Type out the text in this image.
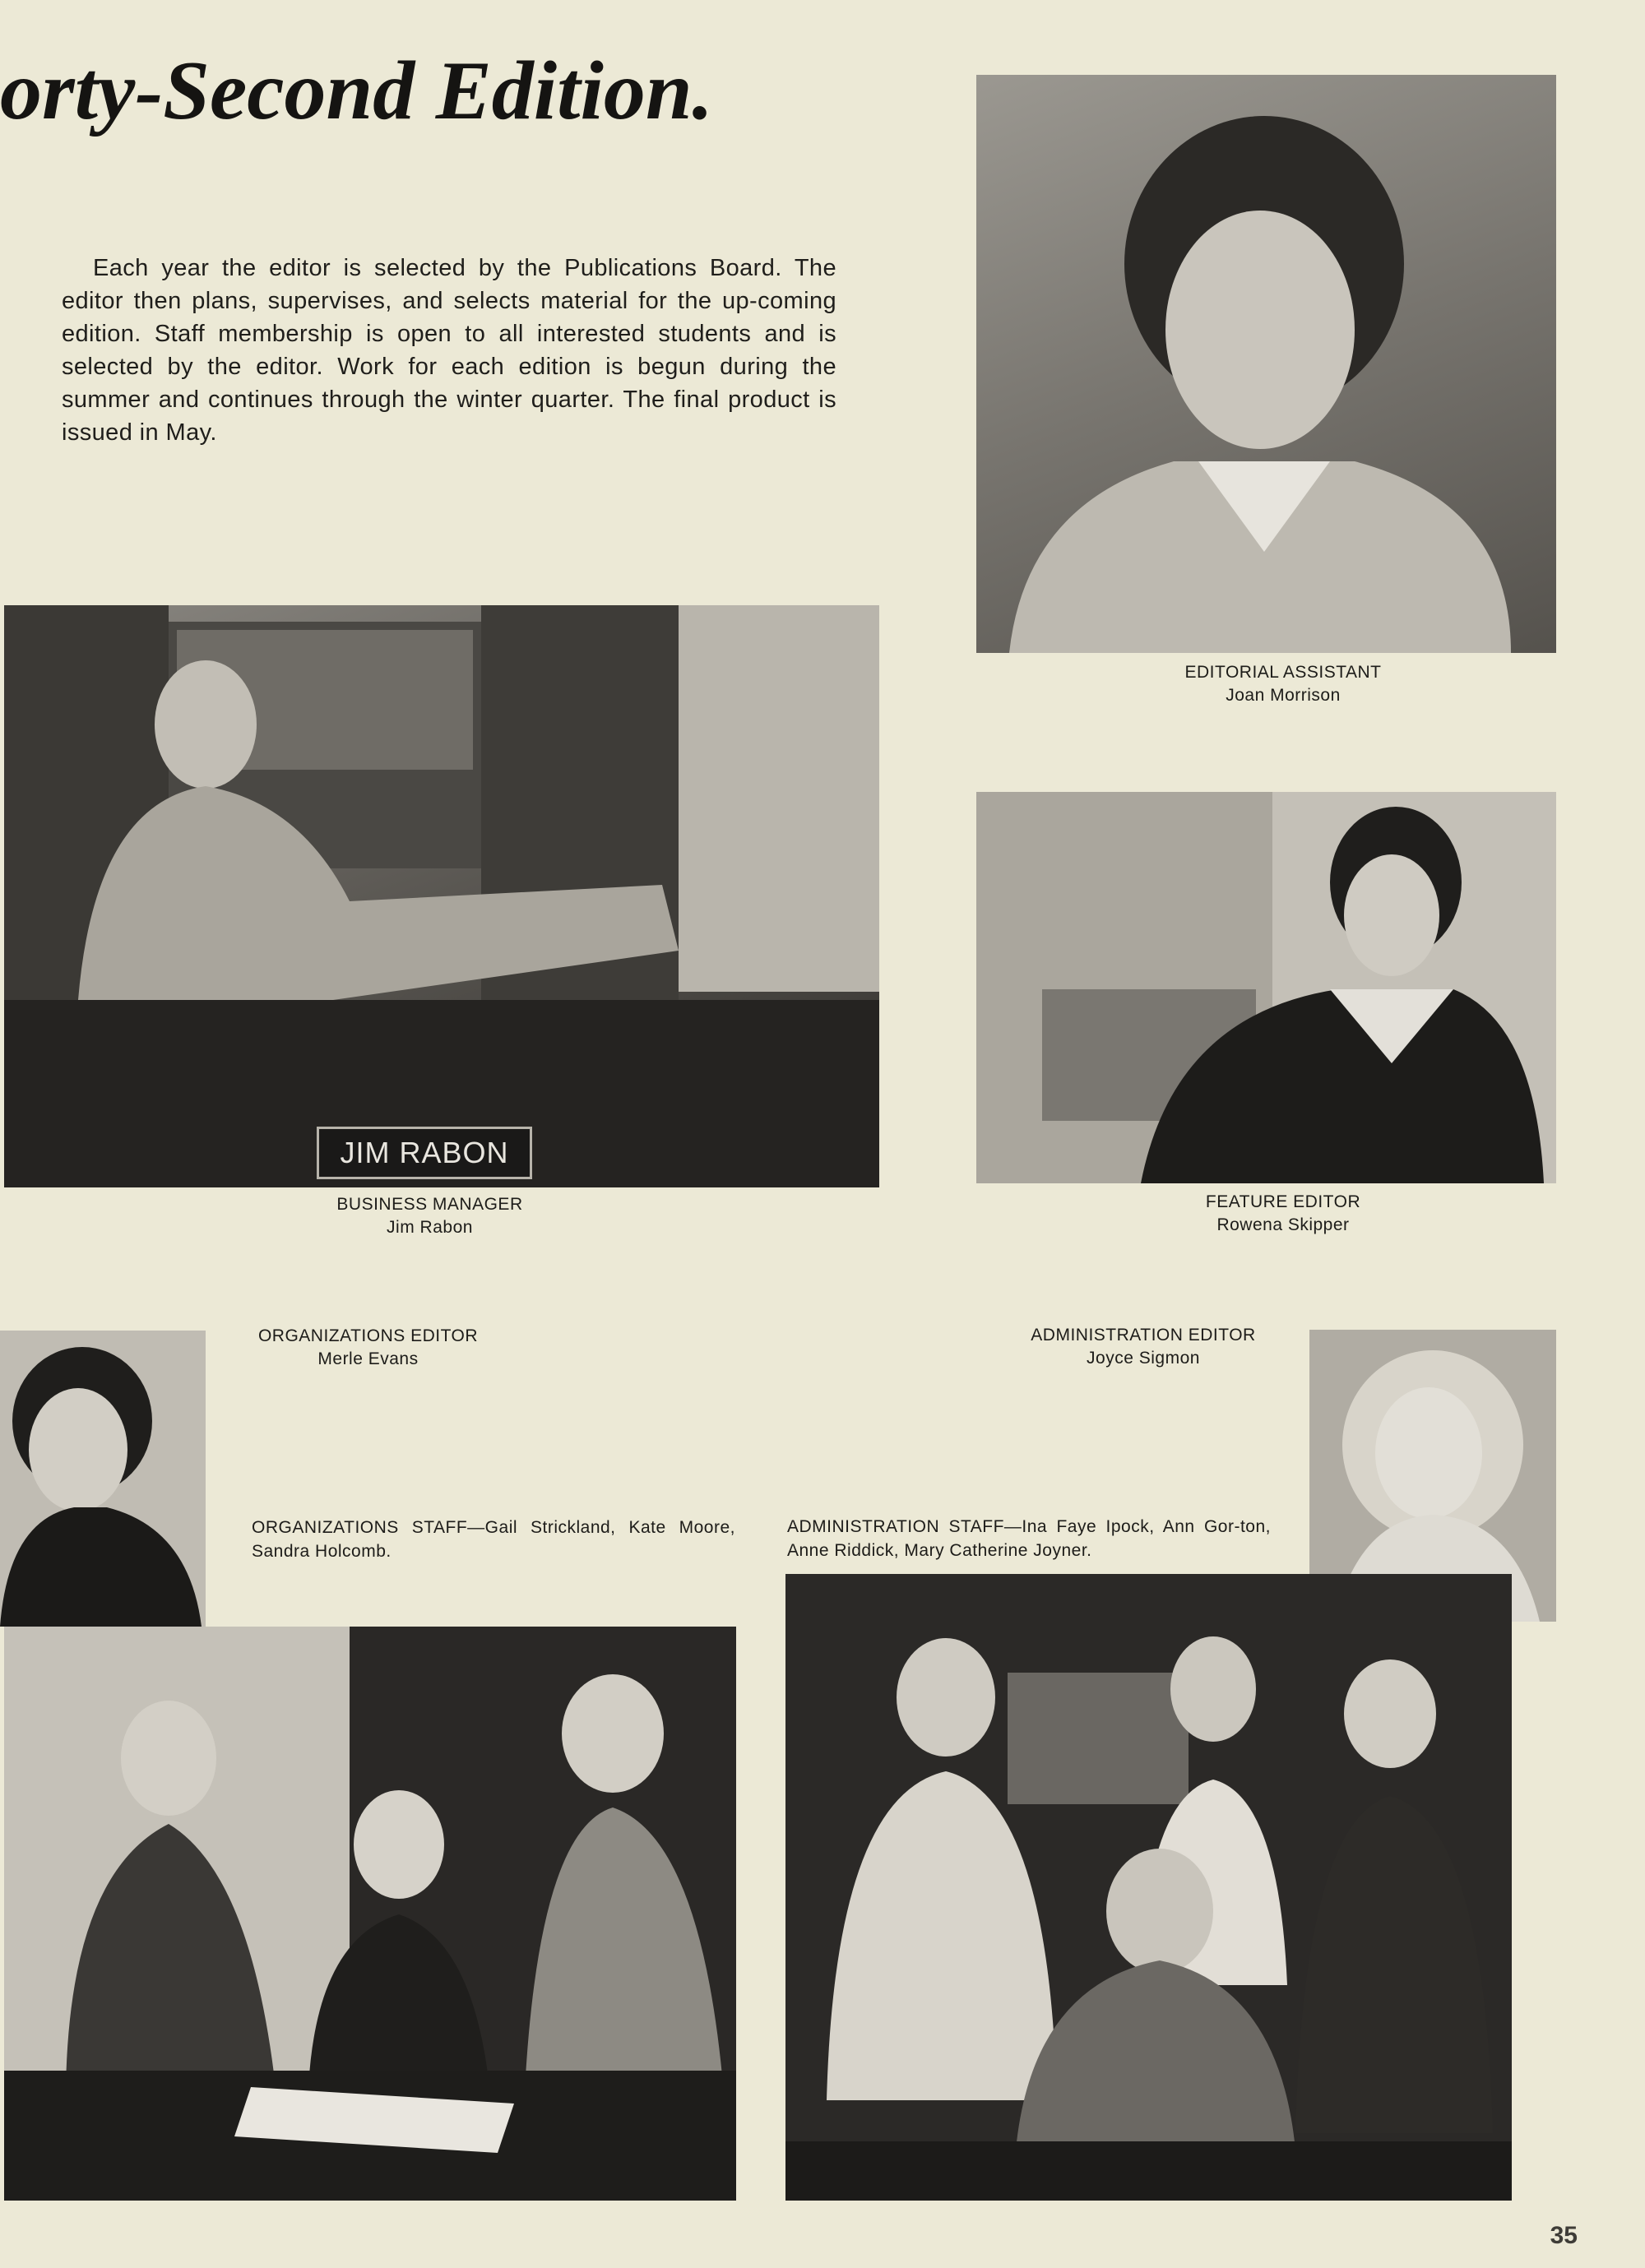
orty-Second Edition.

Each year the editor is selected by the Publications Board. The editor then plans, supervises, and selects material for the up-coming edition. Staff membership is open to all interested students and is selected by the editor. Work for each edition is begun during the summer and continues through the winter quarter. The final product is issued in May.

EDITORIAL ASSISTANT
Joan Morrison
JIM RABON
BUSINESS MANAGER
Jim Rabon
FEATURE EDITOR
Rowena Skipper
ORGANIZATIONS EDITOR
Merle Evans
ADMINISTRATION EDITOR
Joyce Sigmon

ORGANIZATIONS STAFF—Gail Strickland, Kate Moore, Sandra Holcomb.

ADMINISTRATION STAFF—Ina Faye Ipock, Ann Gor-ton, Anne Riddick, Mary Catherine Joyner.

35
